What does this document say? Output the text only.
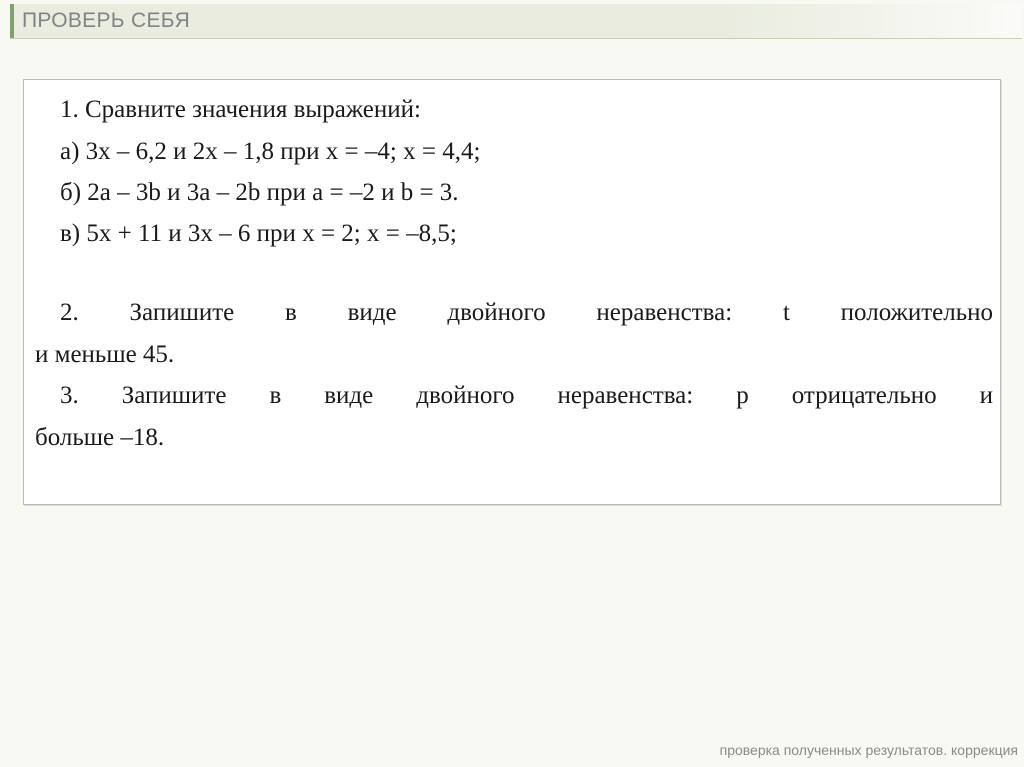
ПРОВЕРЬ СЕБЯ
1. Сравните значения выражений:
а) 3x – 6,2 и 2x – 1,8 при x = –4; x = 4,4;
б) 2a – 3b и 3a – 2b при a = –2 и b = 3.
в) 5x + 11 и 3x – 6 при x = 2; x = –8,5;
2. Запишите в виде двойного неравенства: t положительно
и меньше 45.
3. Запишите в виде двойного неравенства: p отрицательно и
больше –18.
проверка полученных результатов. коррекция
